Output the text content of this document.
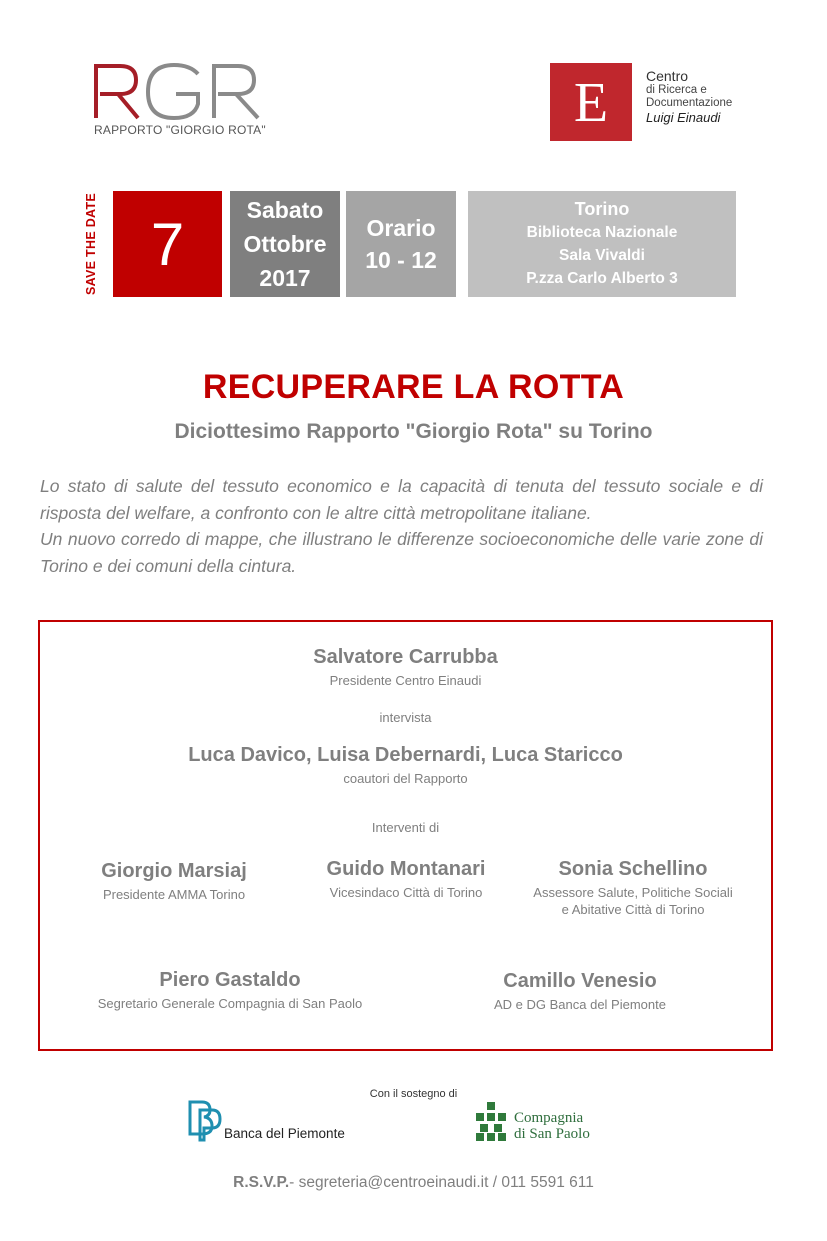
RAPPORTO "GIORGIO ROTA"	E	Centro
di Ricerca e
Documentazione
Luigi Einaudi
SAVE THE DATE 7
Sabato
Ottobre
2017
Orario
10 - 12
Torino
Biblioteca Nazionale
Sala Vivaldi
P.zza Carlo Alberto 3
RECUPERARE LA ROTTA
Diciottesimo Rapporto "Giorgio Rota" su Torino

Lo stato di salute del tessuto economico e la capacità di tenuta del tessuto sociale e di risposta del welfare, a confronto con le altre città metropolitane italiane.

Un nuovo corredo di mappe, che illustrano le differenze socioeconomiche delle varie zone di Torino e dei comuni della cintura.

Salvatore Carrubba
Presidente Centro Einaudi
intervista
Luca Davico, Luisa Debernardi, Luca Staricco
coautori del Rapporto
Interventi di
Giorgio Marsiaj
Presidente AMMA Torino
Guido Montanari
Vicesindaco Città di Torino
Sonia Schellino
Assessore Salute, Politiche Sociali
e Abitative Città di Torino
Piero Gastaldo
Segretario Generale Compagnia di San Paolo
Camillo Venesio
AD e DG Banca del Piemonte
Con il sostegno di
Banca del Piemonte
Compagnia
di San Paolo
R.S.V.P.- segreteria@centroeinaudi.it / 011 5591 611
